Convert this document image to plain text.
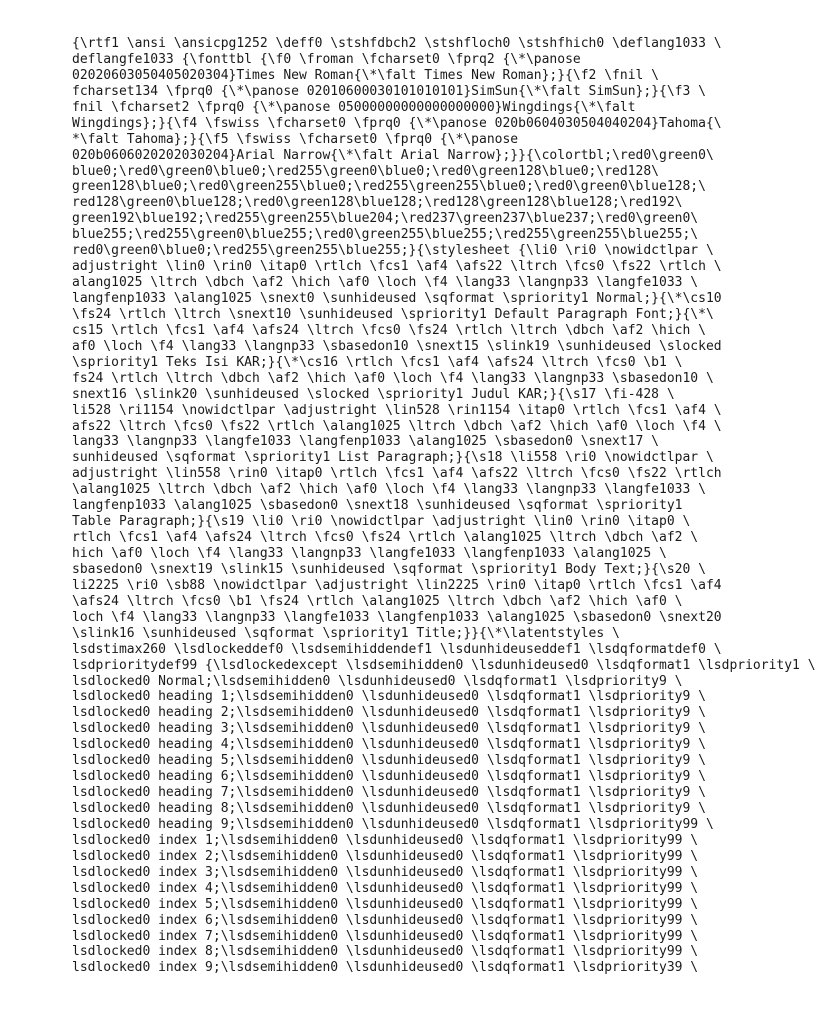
{\rtf1 \ansi \ansicpg1252 \deff0 \stshfdbch2 \stshfloch0 \stshfhich0 \deflang1033 \
deflangfe1033 {\fonttbl {\f0 \froman \fcharset0 \fprq2 {\*\panose
02020603050405020304}Times New Roman{\*\falt Times New Roman};}{\f2 \fnil \
fcharset134 \fprq0 {\*\panose 02010600030101010101}SimSun{\*\falt SimSun};}{\f3 \
fnil \fcharset2 \fprq0 {\*\panose 05000000000000000000}Wingdings{\*\falt
Wingdings};}{\f4 \fswiss \fcharset0 \fprq0 {\*\panose 020b0604030504040204}Tahoma{\
*\falt Tahoma};}{\f5 \fswiss \fcharset0 \fprq0 {\*\panose
020b0606020202030204}Arial Narrow{\*\falt Arial Narrow};}}{\colortbl;\red0\green0\
blue0;\red0\green0\blue0;\red255\green0\blue0;\red0\green128\blue0;\red128\
green128\blue0;\red0\green255\blue0;\red255\green255\blue0;\red0\green0\blue128;\
red128\green0\blue128;\red0\green128\blue128;\red128\green128\blue128;\red192\
green192\blue192;\red255\green255\blue204;\red237\green237\blue237;\red0\green0\
blue255;\red255\green0\blue255;\red0\green255\blue255;\red255\green255\blue255;\
red0\green0\blue0;\red255\green255\blue255;}{\stylesheet {\li0 \ri0 \nowidctlpar \
adjustright \lin0 \rin0 \itap0 \rtlch \fcs1 \af4 \afs22 \ltrch \fcs0 \fs22 \rtlch \
alang1025 \ltrch \dbch \af2 \hich \af0 \loch \f4 \lang33 \langnp33 \langfe1033 \
langfenp1033 \alang1025 \snext0 \sunhideused \sqformat \spriority1 Normal;}{\*\cs10
\fs24 \rtlch \ltrch \snext10 \sunhideused \spriority1 Default Paragraph Font;}{\*\
cs15 \rtlch \fcs1 \af4 \afs24 \ltrch \fcs0 \fs24 \rtlch \ltrch \dbch \af2 \hich \
af0 \loch \f4 \lang33 \langnp33 \sbasedon10 \snext15 \slink19 \sunhideused \slocked
\spriority1 Teks Isi KAR;}{\*\cs16 \rtlch \fcs1 \af4 \afs24 \ltrch \fcs0 \b1 \
fs24 \rtlch \ltrch \dbch \af2 \hich \af0 \loch \f4 \lang33 \langnp33 \sbasedon10 \
snext16 \slink20 \sunhideused \slocked \spriority1 Judul KAR;}{\s17 \fi-428 \
li528 \ri1154 \nowidctlpar \adjustright \lin528 \rin1154 \itap0 \rtlch \fcs1 \af4 \
afs22 \ltrch \fcs0 \fs22 \rtlch \alang1025 \ltrch \dbch \af2 \hich \af0 \loch \f4 \
lang33 \langnp33 \langfe1033 \langfenp1033 \alang1025 \sbasedon0 \snext17 \
sunhideused \sqformat \spriority1 List Paragraph;}{\s18 \li558 \ri0 \nowidctlpar \
adjustright \lin558 \rin0 \itap0 \rtlch \fcs1 \af4 \afs22 \ltrch \fcs0 \fs22 \rtlch
\alang1025 \ltrch \dbch \af2 \hich \af0 \loch \f4 \lang33 \langnp33 \langfe1033 \
langfenp1033 \alang1025 \sbasedon0 \snext18 \sunhideused \sqformat \spriority1
Table Paragraph;}{\s19 \li0 \ri0 \nowidctlpar \adjustright \lin0 \rin0 \itap0 \
rtlch \fcs1 \af4 \afs24 \ltrch \fcs0 \fs24 \rtlch \alang1025 \ltrch \dbch \af2 \
hich \af0 \loch \f4 \lang33 \langnp33 \langfe1033 \langfenp1033 \alang1025 \
sbasedon0 \snext19 \slink15 \sunhideused \sqformat \spriority1 Body Text;}{\s20 \
li2225 \ri0 \sb88 \nowidctlpar \adjustright \lin2225 \rin0 \itap0 \rtlch \fcs1 \af4
\afs24 \ltrch \fcs0 \b1 \fs24 \rtlch \alang1025 \ltrch \dbch \af2 \hich \af0 \
loch \f4 \lang33 \langnp33 \langfe1033 \langfenp1033 \alang1025 \sbasedon0 \snext20
\slink16 \sunhideused \sqformat \spriority1 Title;}}{\*\latentstyles \
lsdstimax260 \lsdlockeddef0 \lsdsemihiddendef1 \lsdunhideuseddef1 \lsdqformatdef0 \
lsdprioritydef99 {\lsdlockedexcept \lsdsemihidden0 \lsdunhideused0 \lsdqformat1 \lsdpriority1 \
lsdlocked0 Normal;\lsdsemihidden0 \lsdunhideused0 \lsdqformat1 \lsdpriority9 \
lsdlocked0 heading 1;\lsdsemihidden0 \lsdunhideused0 \lsdqformat1 \lsdpriority9 \
lsdlocked0 heading 2;\lsdsemihidden0 \lsdunhideused0 \lsdqformat1 \lsdpriority9 \
lsdlocked0 heading 3;\lsdsemihidden0 \lsdunhideused0 \lsdqformat1 \lsdpriority9 \
lsdlocked0 heading 4;\lsdsemihidden0 \lsdunhideused0 \lsdqformat1 \lsdpriority9 \
lsdlocked0 heading 5;\lsdsemihidden0 \lsdunhideused0 \lsdqformat1 \lsdpriority9 \
lsdlocked0 heading 6;\lsdsemihidden0 \lsdunhideused0 \lsdqformat1 \lsdpriority9 \
lsdlocked0 heading 7;\lsdsemihidden0 \lsdunhideused0 \lsdqformat1 \lsdpriority9 \
lsdlocked0 heading 8;\lsdsemihidden0 \lsdunhideused0 \lsdqformat1 \lsdpriority9 \
lsdlocked0 heading 9;\lsdsemihidden0 \lsdunhideused0 \lsdqformat1 \lsdpriority99 \
lsdlocked0 index 1;\lsdsemihidden0 \lsdunhideused0 \lsdqformat1 \lsdpriority99 \
lsdlocked0 index 2;\lsdsemihidden0 \lsdunhideused0 \lsdqformat1 \lsdpriority99 \
lsdlocked0 index 3;\lsdsemihidden0 \lsdunhideused0 \lsdqformat1 \lsdpriority99 \
lsdlocked0 index 4;\lsdsemihidden0 \lsdunhideused0 \lsdqformat1 \lsdpriority99 \
lsdlocked0 index 5;\lsdsemihidden0 \lsdunhideused0 \lsdqformat1 \lsdpriority99 \
lsdlocked0 index 6;\lsdsemihidden0 \lsdunhideused0 \lsdqformat1 \lsdpriority99 \
lsdlocked0 index 7;\lsdsemihidden0 \lsdunhideused0 \lsdqformat1 \lsdpriority99 \
lsdlocked0 index 8;\lsdsemihidden0 \lsdunhideused0 \lsdqformat1 \lsdpriority99 \
lsdlocked0 index 9;\lsdsemihidden0 \lsdunhideused0 \lsdqformat1 \lsdpriority39 \
